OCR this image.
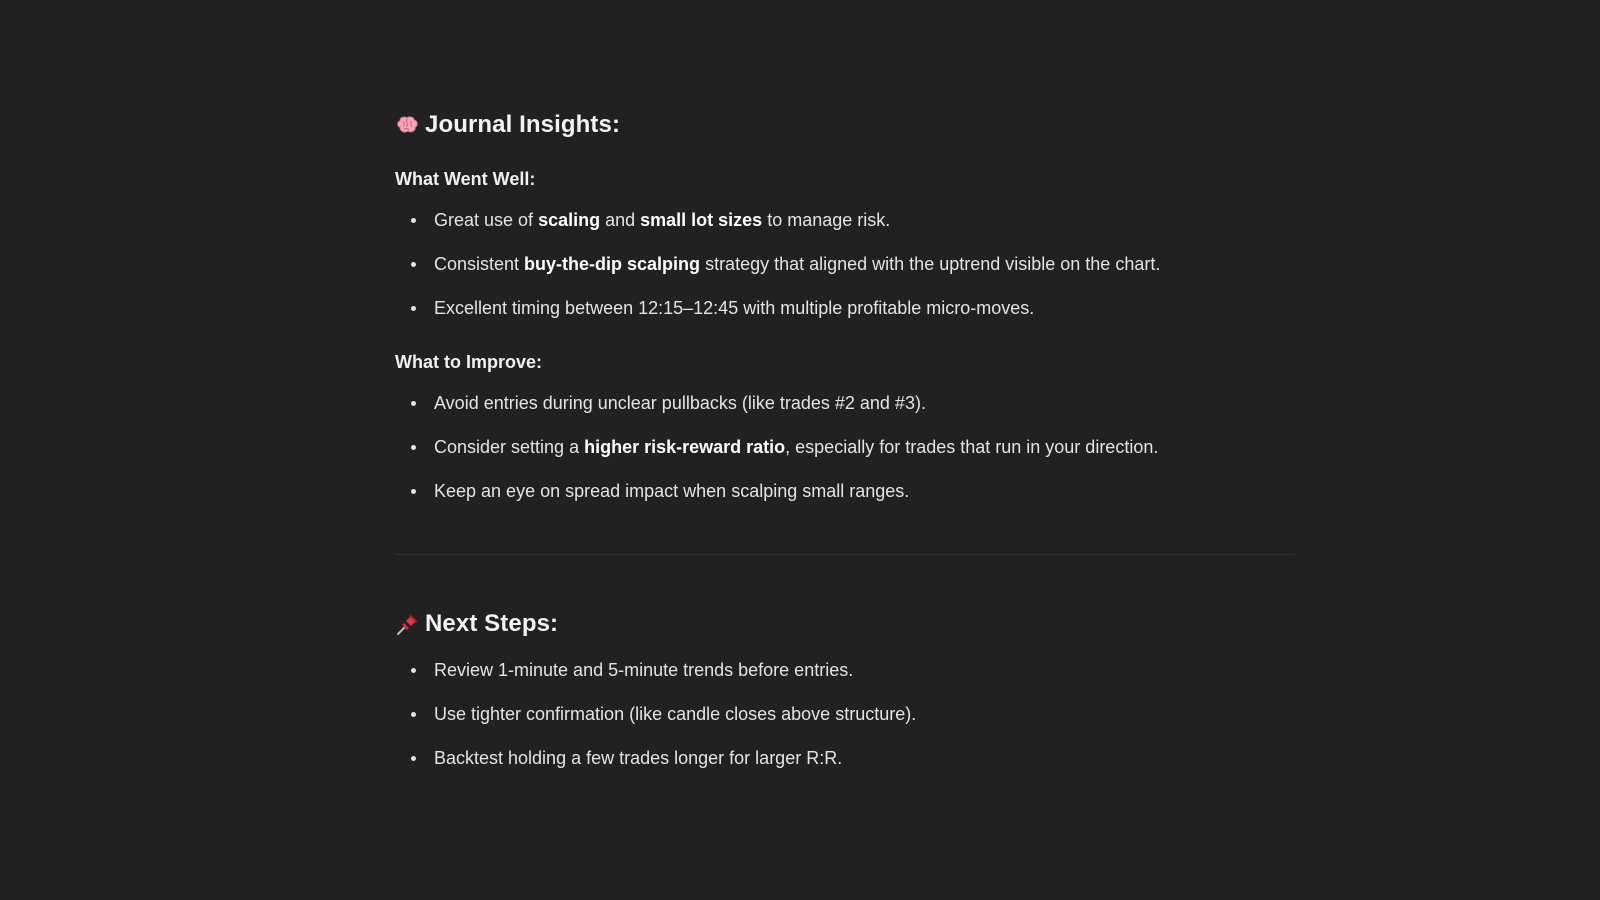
Journal Insights:
What Went Well:
Great use of scaling and small lot sizes to manage risk.
Consistent buy-the-dip scalping strategy that aligned with the uptrend visible on the chart.
Excellent timing between 12:15–12:45 with multiple profitable micro-moves.
What to Improve:
Avoid entries during unclear pullbacks (like trades #2 and #3).
Consider setting a higher risk-reward ratio, especially for trades that run in your direction.
Keep an eye on spread impact when scalping small ranges.
Next Steps:
Review 1-minute and 5-minute trends before entries.
Use tighter confirmation (like candle closes above structure).
Backtest holding a few trades longer for larger R:R.
